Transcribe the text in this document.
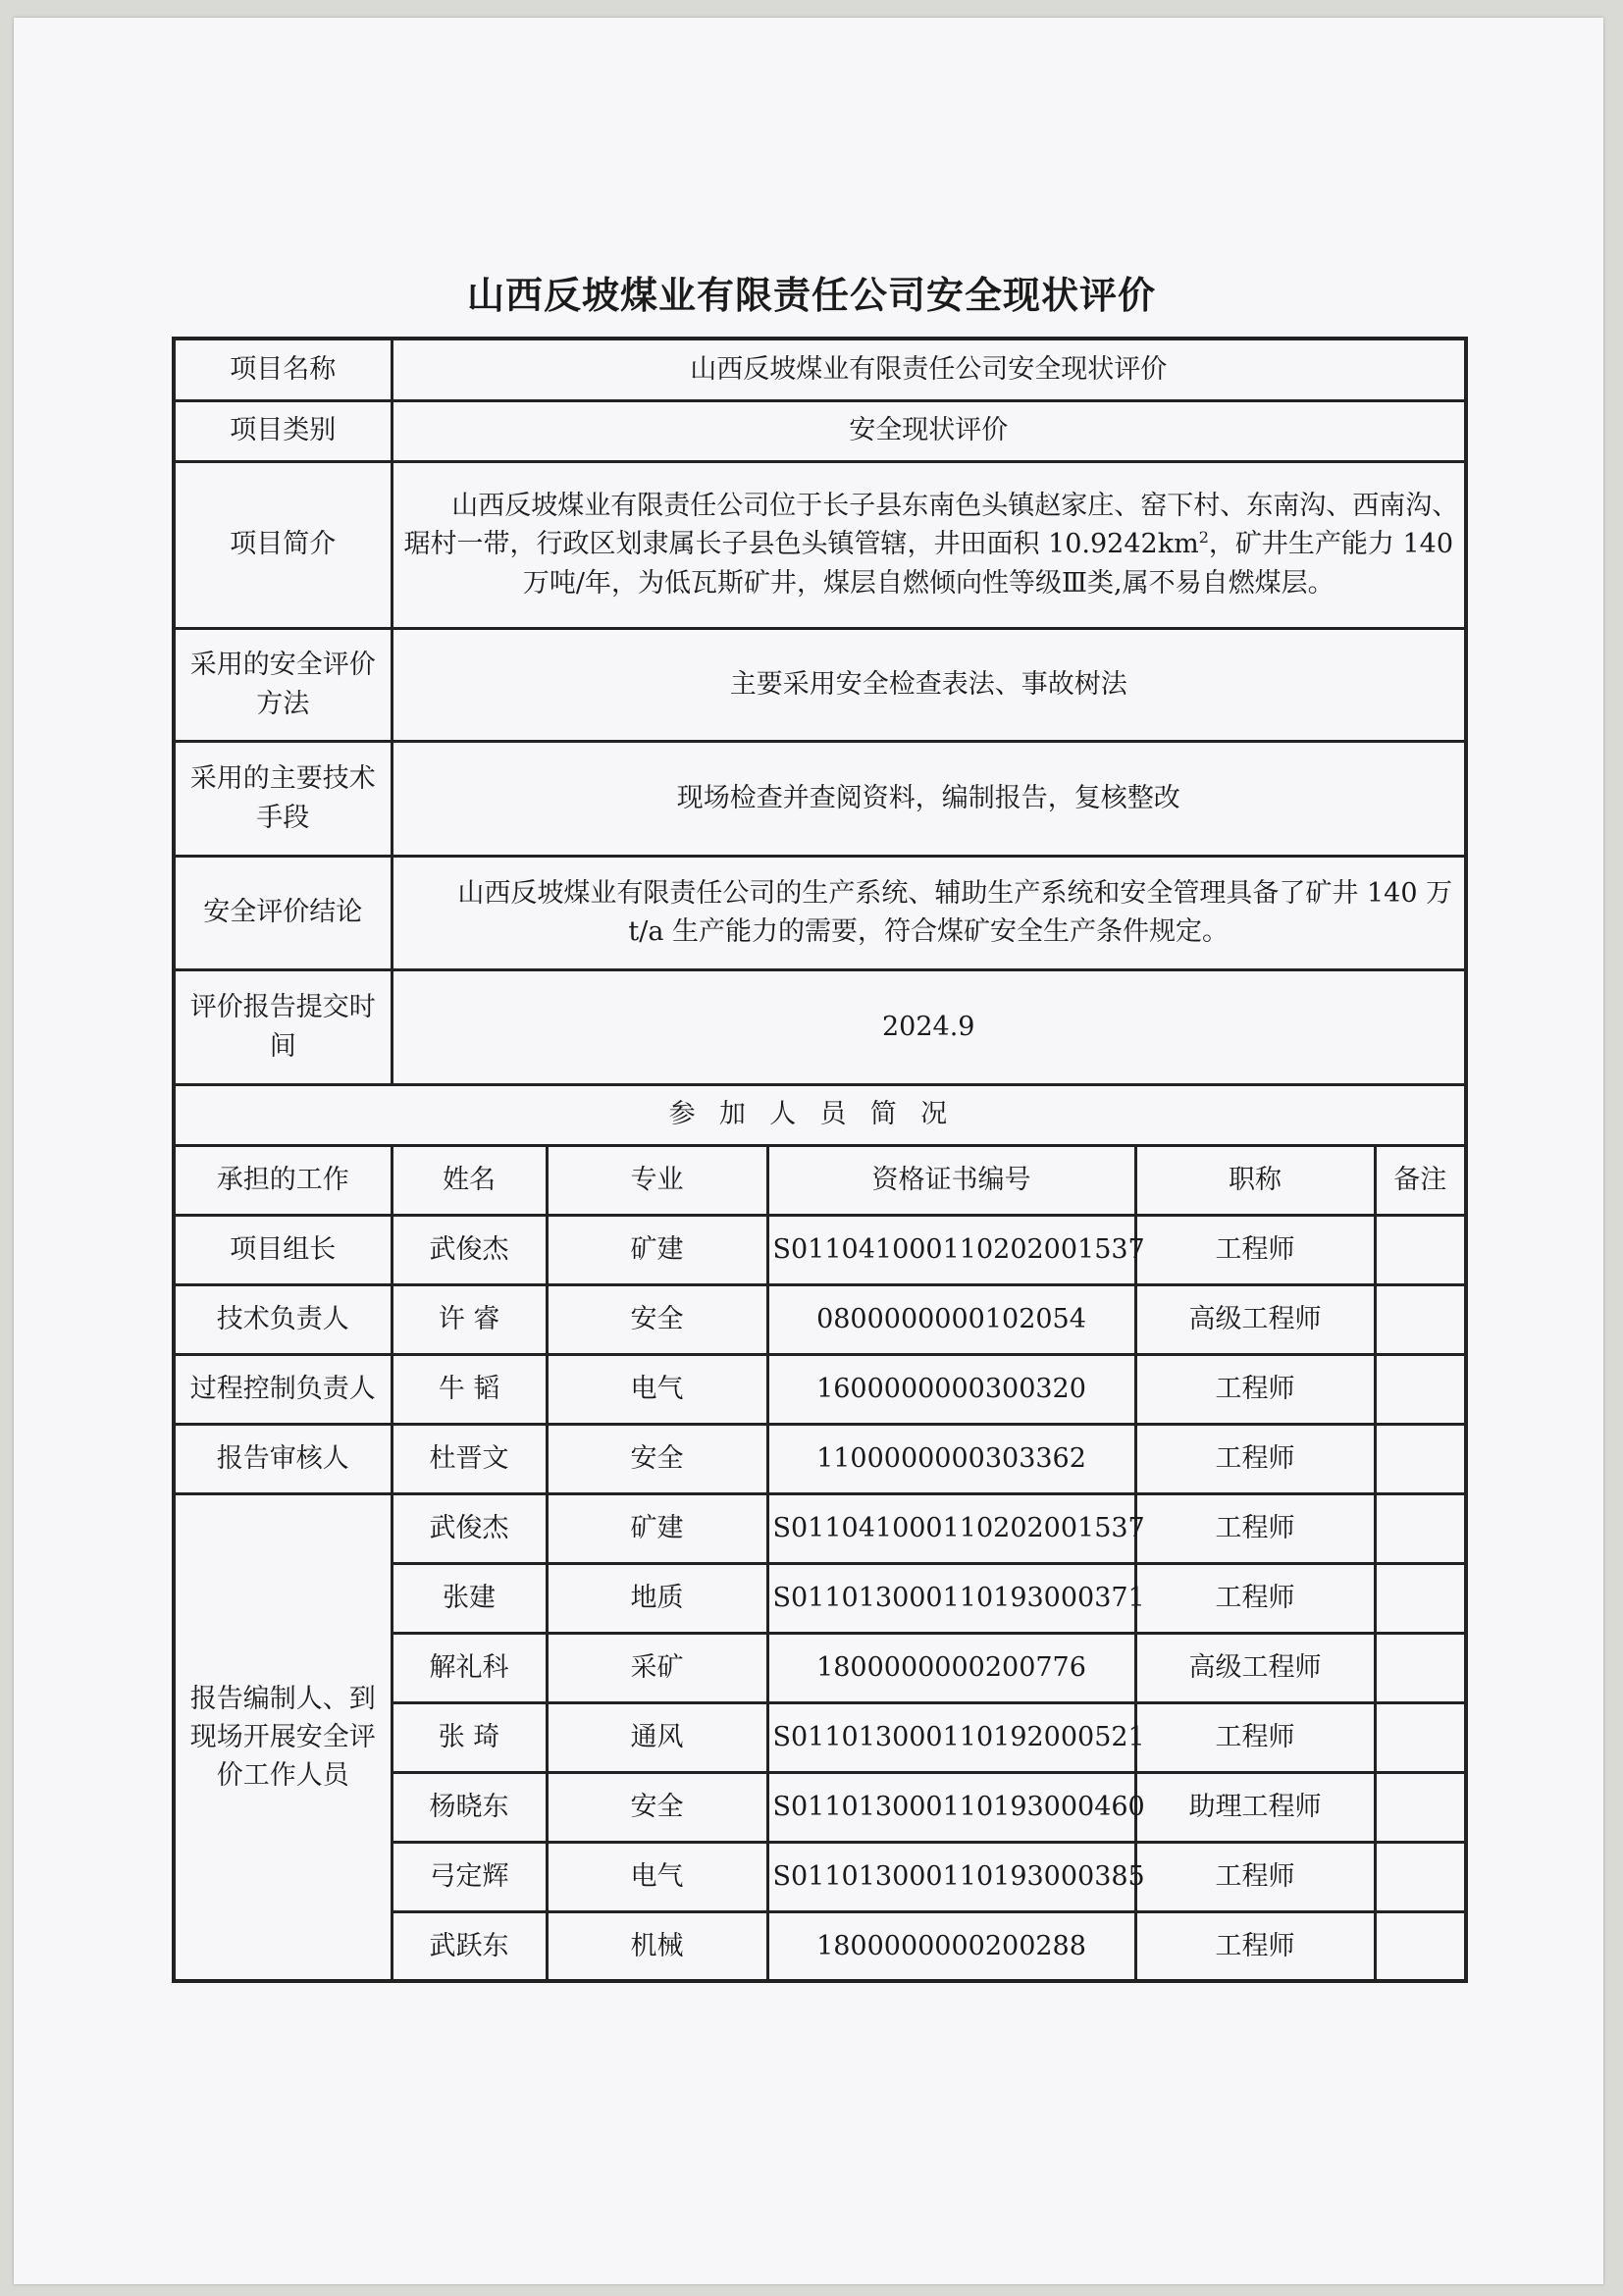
山西反坡煤业有限责任公司安全现状评价
项目名称	山西反坡煤业有限责任公司安全现状评价				
项目类别	安全现状评价				
项目简介	山西反坡煤业有限责任公司位于长子县东南色头镇赵家庄、窑下村、东南沟、西南沟、琚村一带，行政区划隶属长子县色头镇管辖，井田面积 $10.9242km^2$，矿井生产能力 140 万吨/年，为低瓦斯矿井，煤层自燃倾向性等级Ⅲ类,属不易自燃煤层。				
采用的安全评价方法	主要采用安全检查表法、事故树法				
采用的主要技术手段	现场检查并查阅资料，编制报告，复核整改				
安全评价结论	山西反坡煤业有限责任公司的生产系统、辅助生产系统和安全管理具备了矿井 140 万 t/a 生产能力的需要，符合煤矿安全生产条件规定。				
评价报告提交时间	2024.9				
参加人员简况					
承担的工作	姓名	专业	资格证书编号	职称	备注
项目组长	武俊杰	矿建	S011041000110202001537	工程师	
技术负责人	许 睿	安全	0800000000102054	高级工程师	
过程控制负责人	牛 韬	电气	1600000000300320	工程师	
报告审核人	杜晋文	安全	1100000000303362	工程师	
报告编制人、到现场开展安全评价工作人员	武俊杰	矿建	S011041000110202001537	工程师	
	张建	地质	S011013000110193000371	工程师	
	解礼科	采矿	1800000000200776	高级工程师	
	张 琦	通风	S011013000110192000521	工程师	
	杨晓东	安全	S011013000110193000460	助理工程师	
	弓定辉	电气	S011013000110193000385	工程师	
	武跃东	机械	1800000000200288	工程师	
